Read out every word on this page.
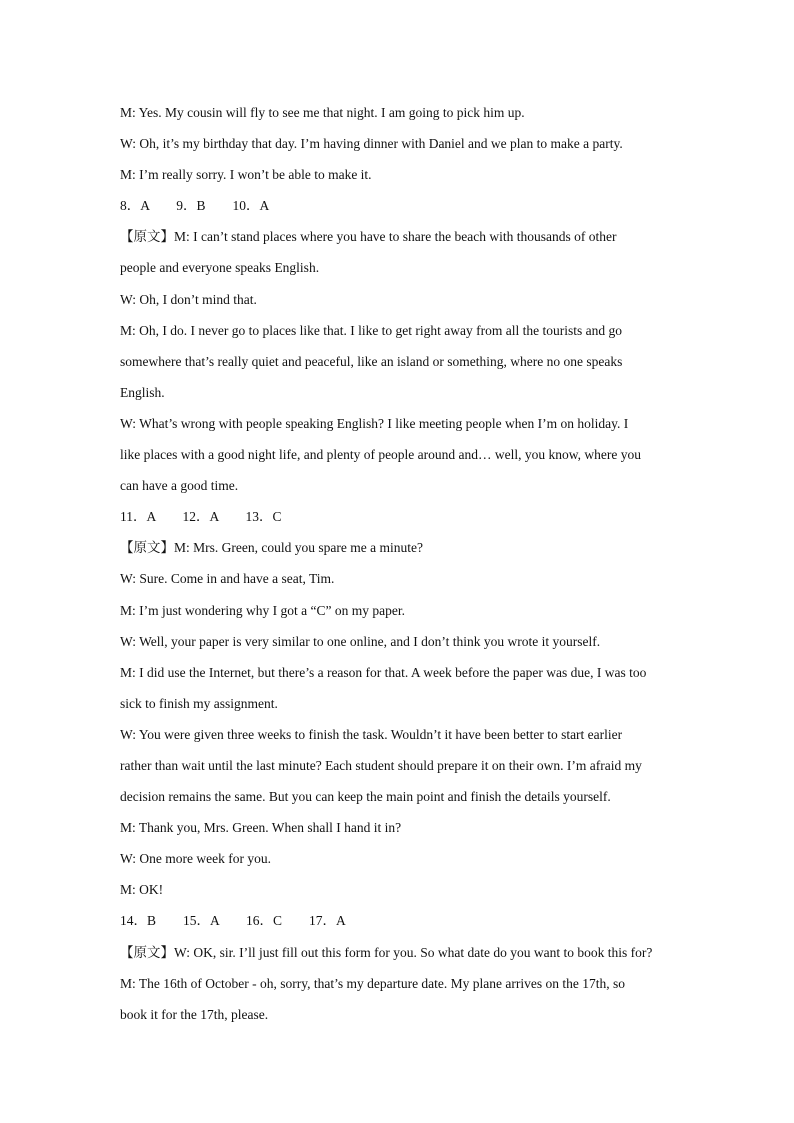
M: Yes. My cousin will fly to see me that night. I am going to pick him up.
W: Oh, it’s my birthday that day. I’m having dinner with Daniel and we plan to make a party.
M: I’m really sorry. I won’t be able to make it.
8．A        9．B        10．A
【原文】M: I can’t stand places where you have to share the beach with thousands of other
people and everyone speaks English.
W: Oh, I don’t mind that.
M: Oh, I do. I never go to places like that. I like to get right away from all the tourists and go
somewhere that’s really quiet and peaceful, like an island or something, where no one speaks
English.
W: What’s wrong with people speaking English? I like meeting people when I’m on holiday. I
like places with a good night life, and plenty of people around and… well, you know, where you
can have a good time.
11．A        12．A        13．C
【原文】M: Mrs. Green, could you spare me a minute?
W: Sure. Come in and have a seat, Tim.
M: I’m just wondering why I got a “C” on my paper.
W: Well, your paper is very similar to one online, and I don’t think you wrote it yourself.
M: I did use the Internet, but there’s a reason for that. A week before the paper was due, I was too
sick to finish my assignment.
W: You were given three weeks to finish the task. Wouldn’t it have been better to start earlier
rather than wait until the last minute? Each student should prepare it on their own. I’m afraid my
decision remains the same. But you can keep the main point and finish the details yourself.
M: Thank you, Mrs. Green. When shall I hand it in?
W: One more week for you.
M: OK!
14．B        15．A        16．C        17．A
【原文】W: OK, sir. I’ll just fill out this form for you. So what date do you want to book this for?
M: The 16th of October - oh, sorry, that’s my departure date. My plane arrives on the 17th, so
book it for the 17th, please.
